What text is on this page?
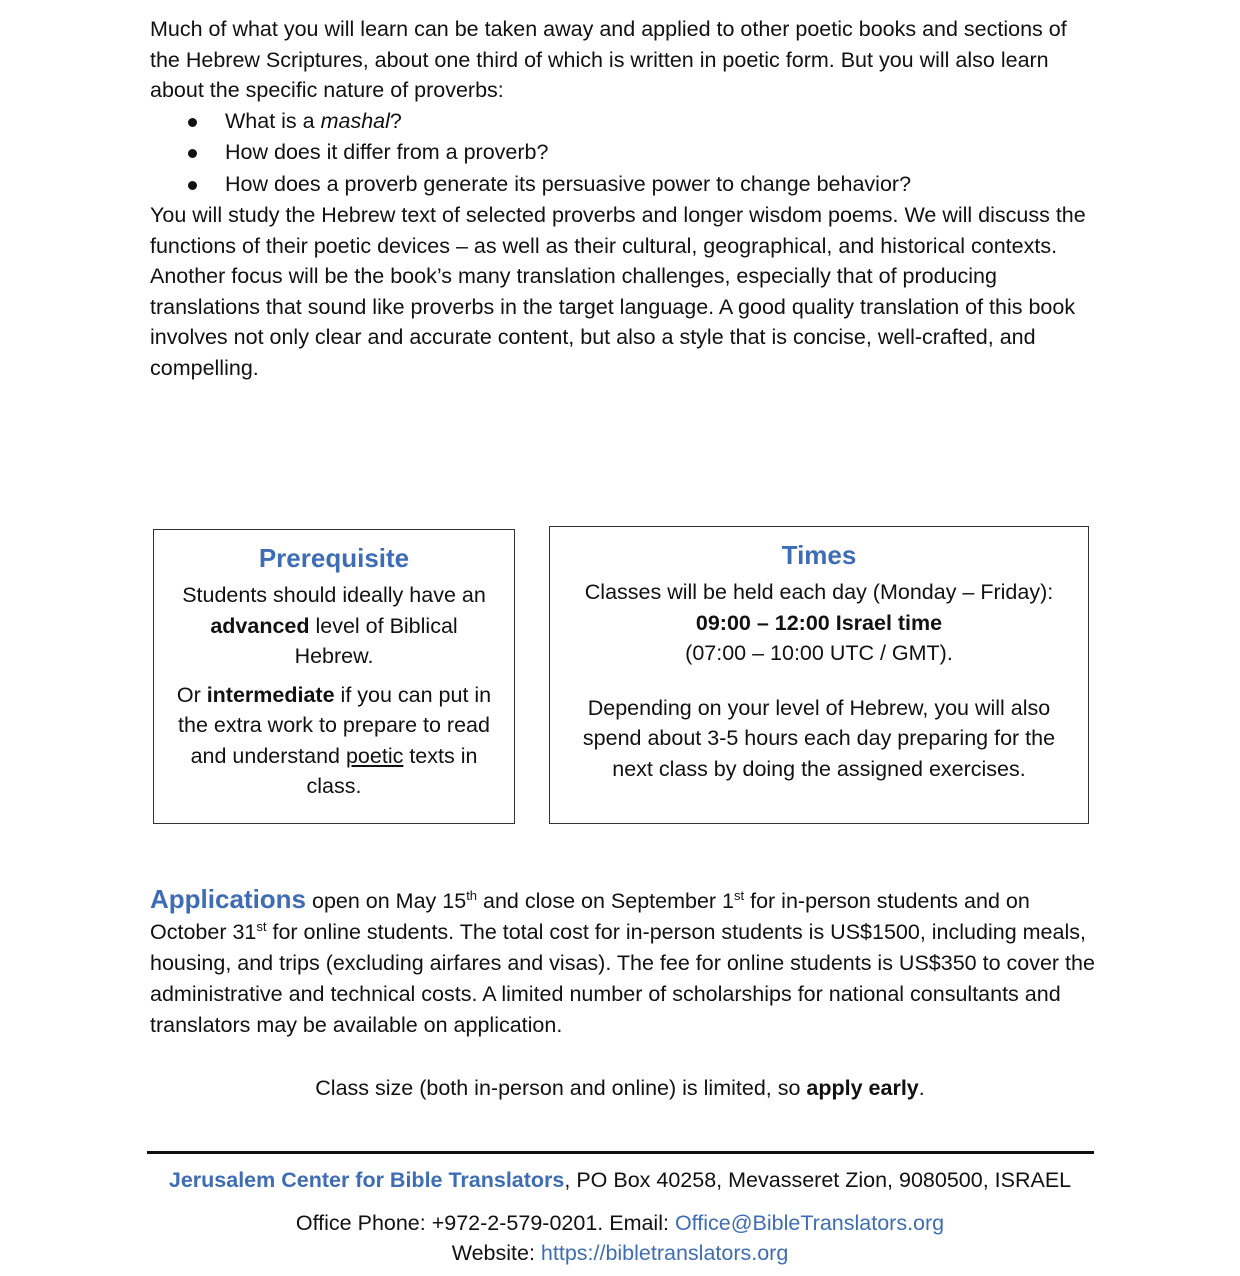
Much of what you will learn can be taken away and applied to other poetic books and sections of the Hebrew Scriptures, about one third of which is written in poetic form. But you will also learn about the specific nature of proverbs:

What is a mashal?
How does it differ from a proverb?
How does a proverb generate its persuasive power to change behavior?

You will study the Hebrew text of selected proverbs and longer wisdom poems. We will discuss the functions of their poetic devices – as well as their cultural, geographical, and historical contexts.

Another focus will be the book’s many translation challenges, especially that of producing translations that sound like proverbs in the target language. A good quality translation of this book involves not only clear and accurate content, but also a style that is concise, well-crafted, and compelling.

Prerequisite

Students should ideally have an advanced level of Biblical Hebrew.

Or intermediate if you can put in the extra work to prepare to read and understand poetic texts in class.

Times

Classes will be held each day (Monday – Friday):

09:00 – 12:00 Israel time

(07:00 – 10:00 UTC / GMT).

Depending on your level of Hebrew, you will also spend about 3-5 hours each day preparing for the next class by doing the assigned exercises.

Applications open on May 15th and close on September 1st for in-person students and on October 31st for online students. The total cost for in-person students is US$1500, including meals, housing, and trips (excluding airfares and visas). The fee for online students is US$350 to cover the administrative and technical costs. A limited number of scholarships for national consultants and translators may be available on application.
Class size (both in-person and online) is limited, so apply early.
Jerusalem Center for Bible Translators, PO Box 40258, Mevasseret Zion, 9080500, ISRAEL
Office Phone: +972-2-579-0201. Email: Office@BibleTranslators.org
Website: https://bibletranslators.org
